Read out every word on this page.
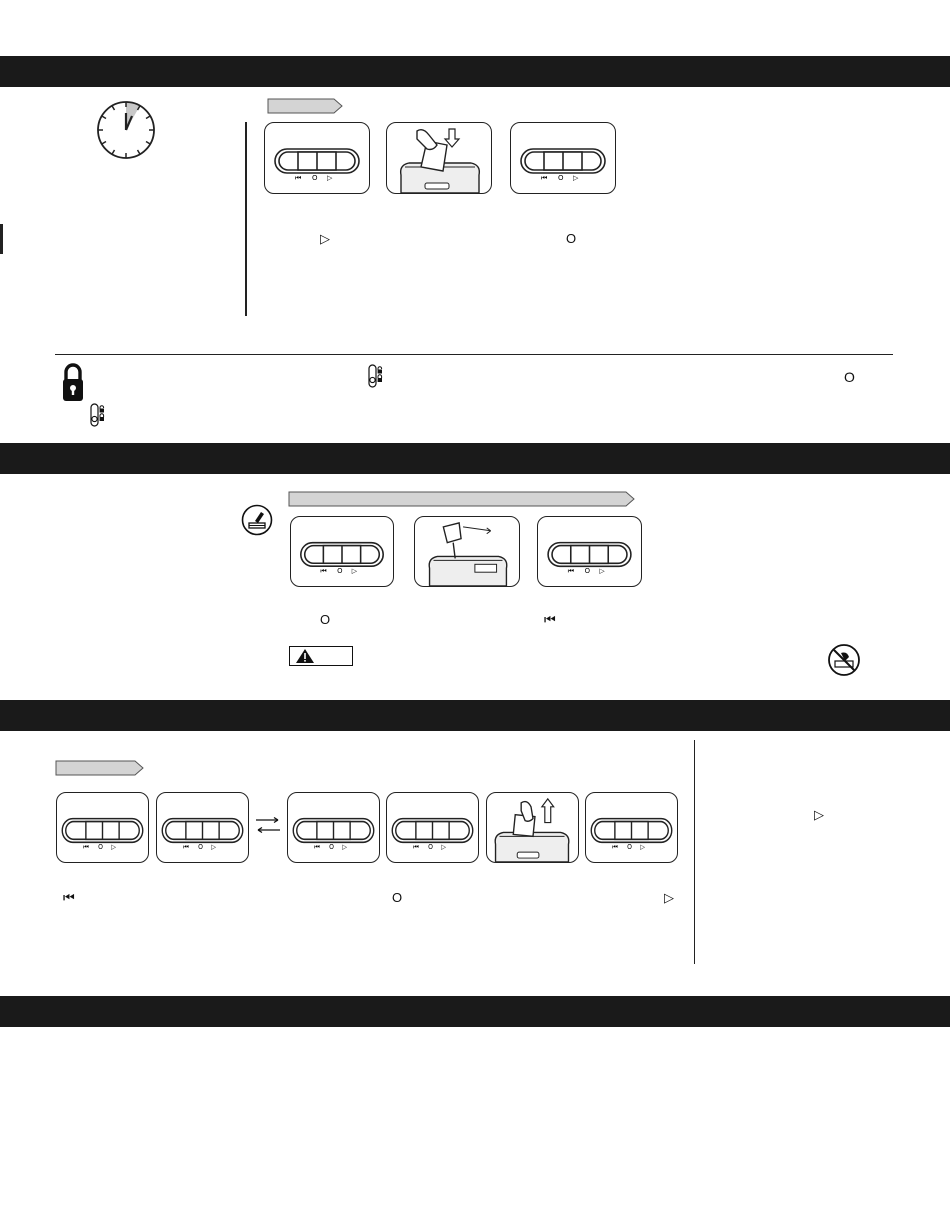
⏮ O ▷	⏮ O ▷
▷	O
O
⏮ O ▷	⏮ O ▷
O	⏮
⏮ O ▷	⏮ O ▷	⏮ O ▷	⏮ O ▷	⏮ O ▷
⏮	O	▷
▷
